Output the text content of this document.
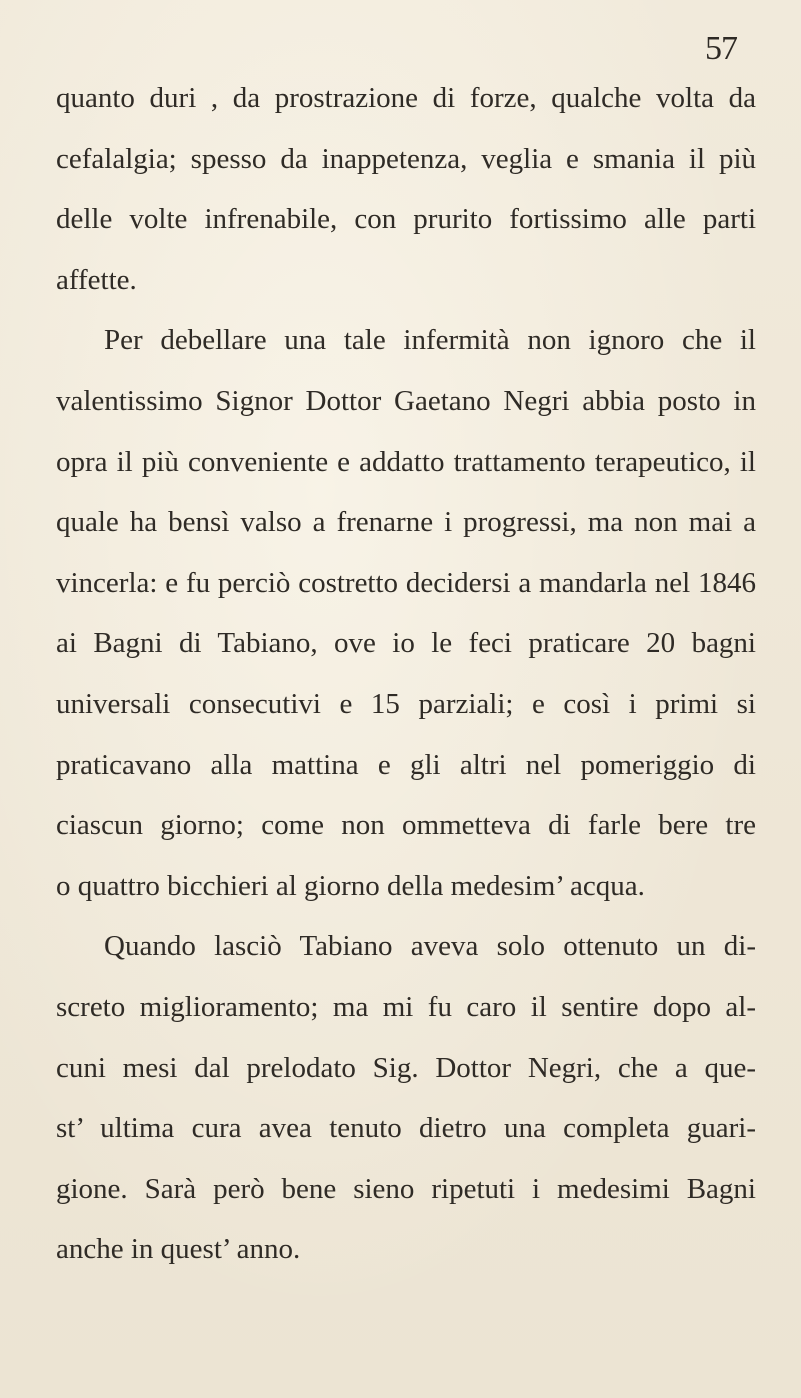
57
quanto duri , da prostrazione di forze, qualche volta da
cefalalgia; spesso da inappetenza, veglia e smania il più
delle volte infrenabile, con prurito fortissimo alle parti
affette.
Per debellare una tale infermità non ignoro che il
valentissimo Signor Dottor Gaetano Negri abbia posto in
opra il più conveniente e addatto trattamento terapeutico, il
quale ha bensì valso a frenarne i progressi, ma non mai a
vincerla: e fu perciò costretto decidersi a mandarla nel 1846
ai Bagni di Tabiano, ove io le feci praticare 20 bagni
universali consecutivi e 15 parziali; e così i primi si
praticavano alla mattina e gli altri nel pomeriggio di
ciascun giorno; come non ommetteva di farle bere tre
o quattro bicchieri al giorno della medesim’ acqua.
Quando lasciò Tabiano aveva solo ottenuto un di-
screto miglioramento; ma mi fu caro il sentire dopo al-
cuni mesi dal prelodato Sig. Dottor Negri, che a que-
st’ ultima cura avea tenuto dietro una completa guari-
gione. Sarà però bene sieno ripetuti i medesimi Bagni
anche in quest’ anno.
